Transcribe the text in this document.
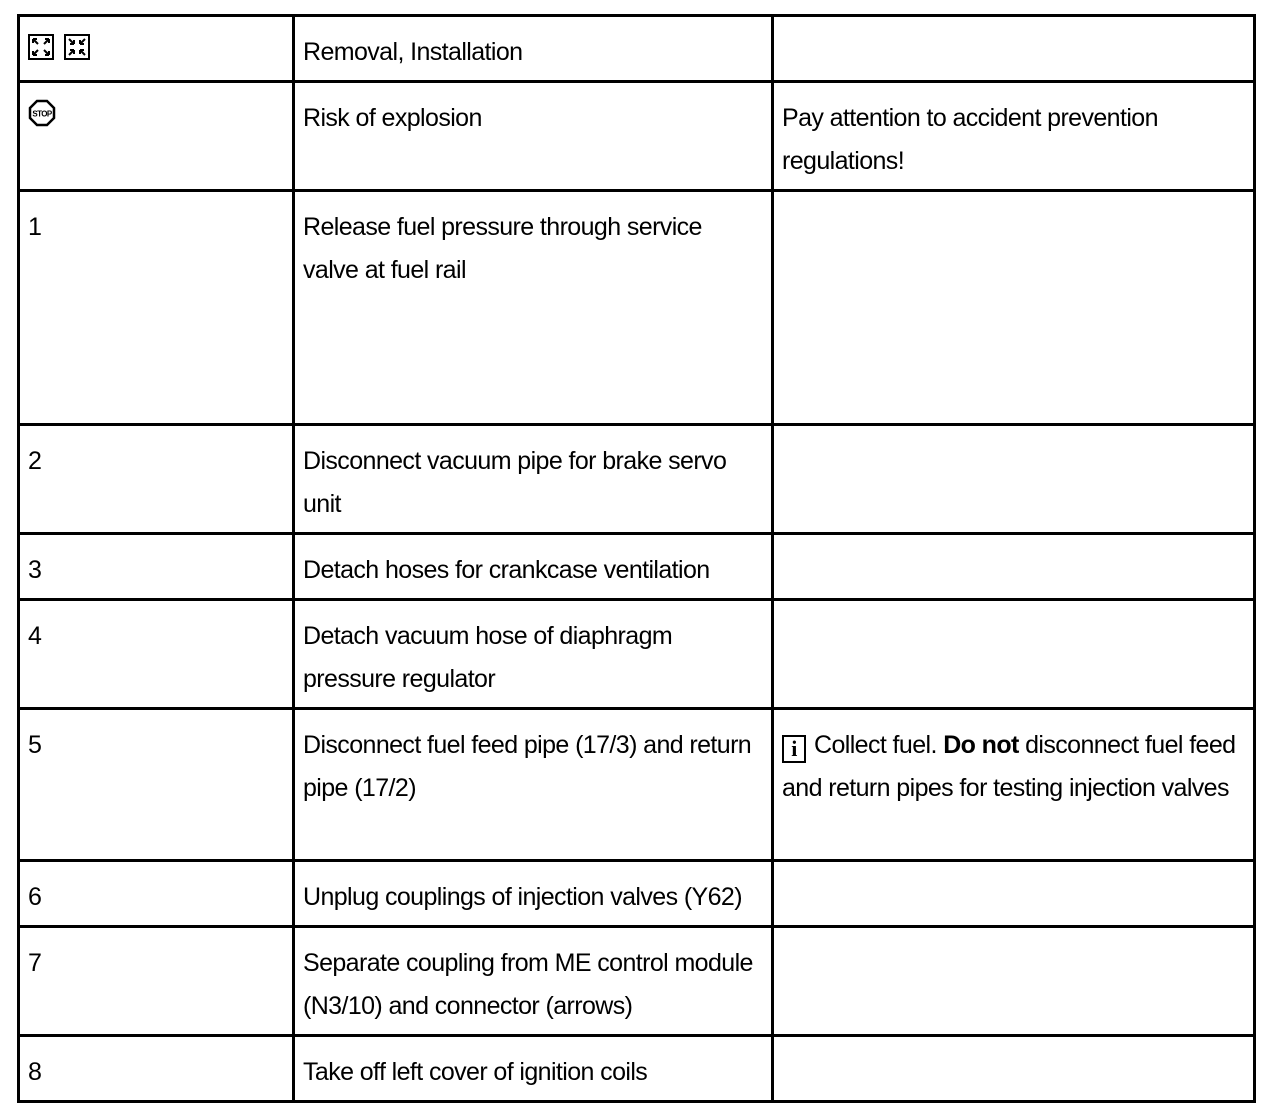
	Removal, Installation	

STOP	Risk of explosion	Pay attention to accident prevention regulations!
1	Release fuel pressure through service valve at fuel rail	
2	Disconnect vacuum pipe for brake servo unit	
3	Detach hoses for crankcase ventilation	
4	Detach vacuum hose of diaphragm pressure regulator	
5	Disconnect fuel feed pipe (17/3) and return pipe (17/2)	i Collect fuel. Do not disconnect fuel feed and return pipes for testing injection valves
6	Unplug couplings of injection valves (Y62)	
7	Separate coupling from ME control module (N3/10) and connector (arrows)	
8	Take off left cover of ignition coils	
